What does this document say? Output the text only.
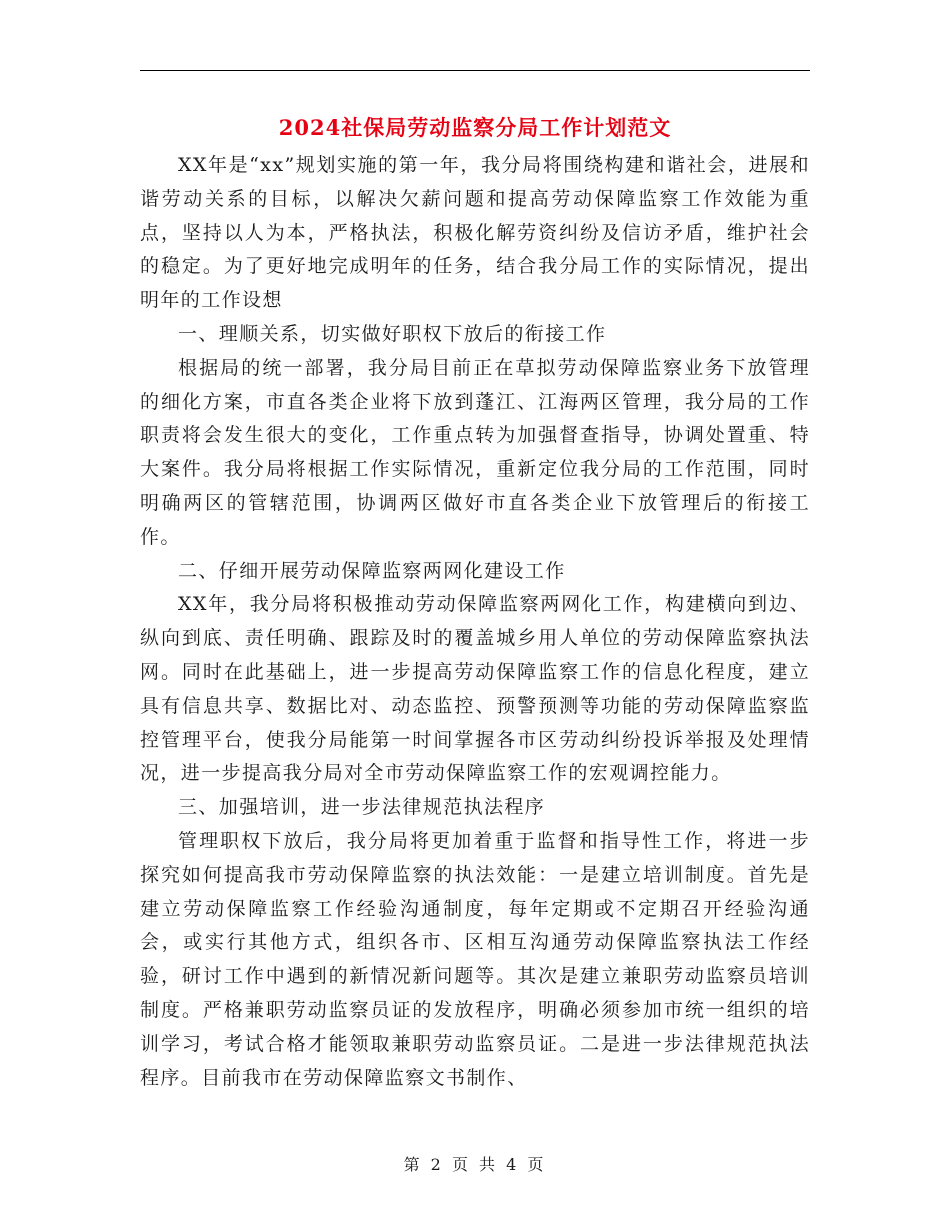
2024社保局劳动监察分局工作计划范文

XX年是“xx”规划实施的第一年，我分局将围绕构建和谐社会，进展和谐劳动关系的目标，以解决欠薪问题和提高劳动保障监察工作效能为重点，坚持以人为本，严格执法，积极化解劳资纠纷及信访矛盾，维护社会的稳定。为了更好地完成明年的任务，结合我分局工作的实际情况，提出明年的工作设想

一、理顺关系，切实做好职权下放后的衔接工作

根据局的统一部署，我分局目前正在草拟劳动保障监察业务下放管理的细化方案，市直各类企业将下放到蓬江、江海两区管理，我分局的工作职责将会发生很大的变化，工作重点转为加强督查指导，协调处置重、特大案件。我分局将根据工作实际情况，重新定位我分局的工作范围，同时明确两区的管辖范围，协调两区做好市直各类企业下放管理后的衔接工作。

二、仔细开展劳动保障监察两网化建设工作

XX年，我分局将积极推动劳动保障监察两网化工作，构建横向到边、纵向到底、责任明确、跟踪及时的覆盖城乡用人单位的劳动保障监察执法网。同时在此基础上，进一步提高劳动保障监察工作的信息化程度，建立具有信息共享、数据比对、动态监控、预警预测等功能的劳动保障监察监控管理平台，使我分局能第一时间掌握各市区劳动纠纷投诉举报及处理情况，进一步提高我分局对全市劳动保障监察工作的宏观调控能力。

三、加强培训，进一步法律规范执法程序

管理职权下放后，我分局将更加着重于监督和指导性工作，将进一步探究如何提高我市劳动保障监察的执法效能：一是建立培训制度。首先是建立劳动保障监察工作经验沟通制度，每年定期或不定期召开经验沟通会，或实行其他方式，组织各市、区相互沟通劳动保障监察执法工作经验，研讨工作中遇到的新情况新问题等。其次是建立兼职劳动监察员培训制度。严格兼职劳动监察员证的发放程序，明确必须参加市统一组织的培训学习，考试合格才能领取兼职劳动监察员证。二是进一步法律规范执法程序。目前我市在劳动保障监察文书制作、

第 2 页 共 4 页
